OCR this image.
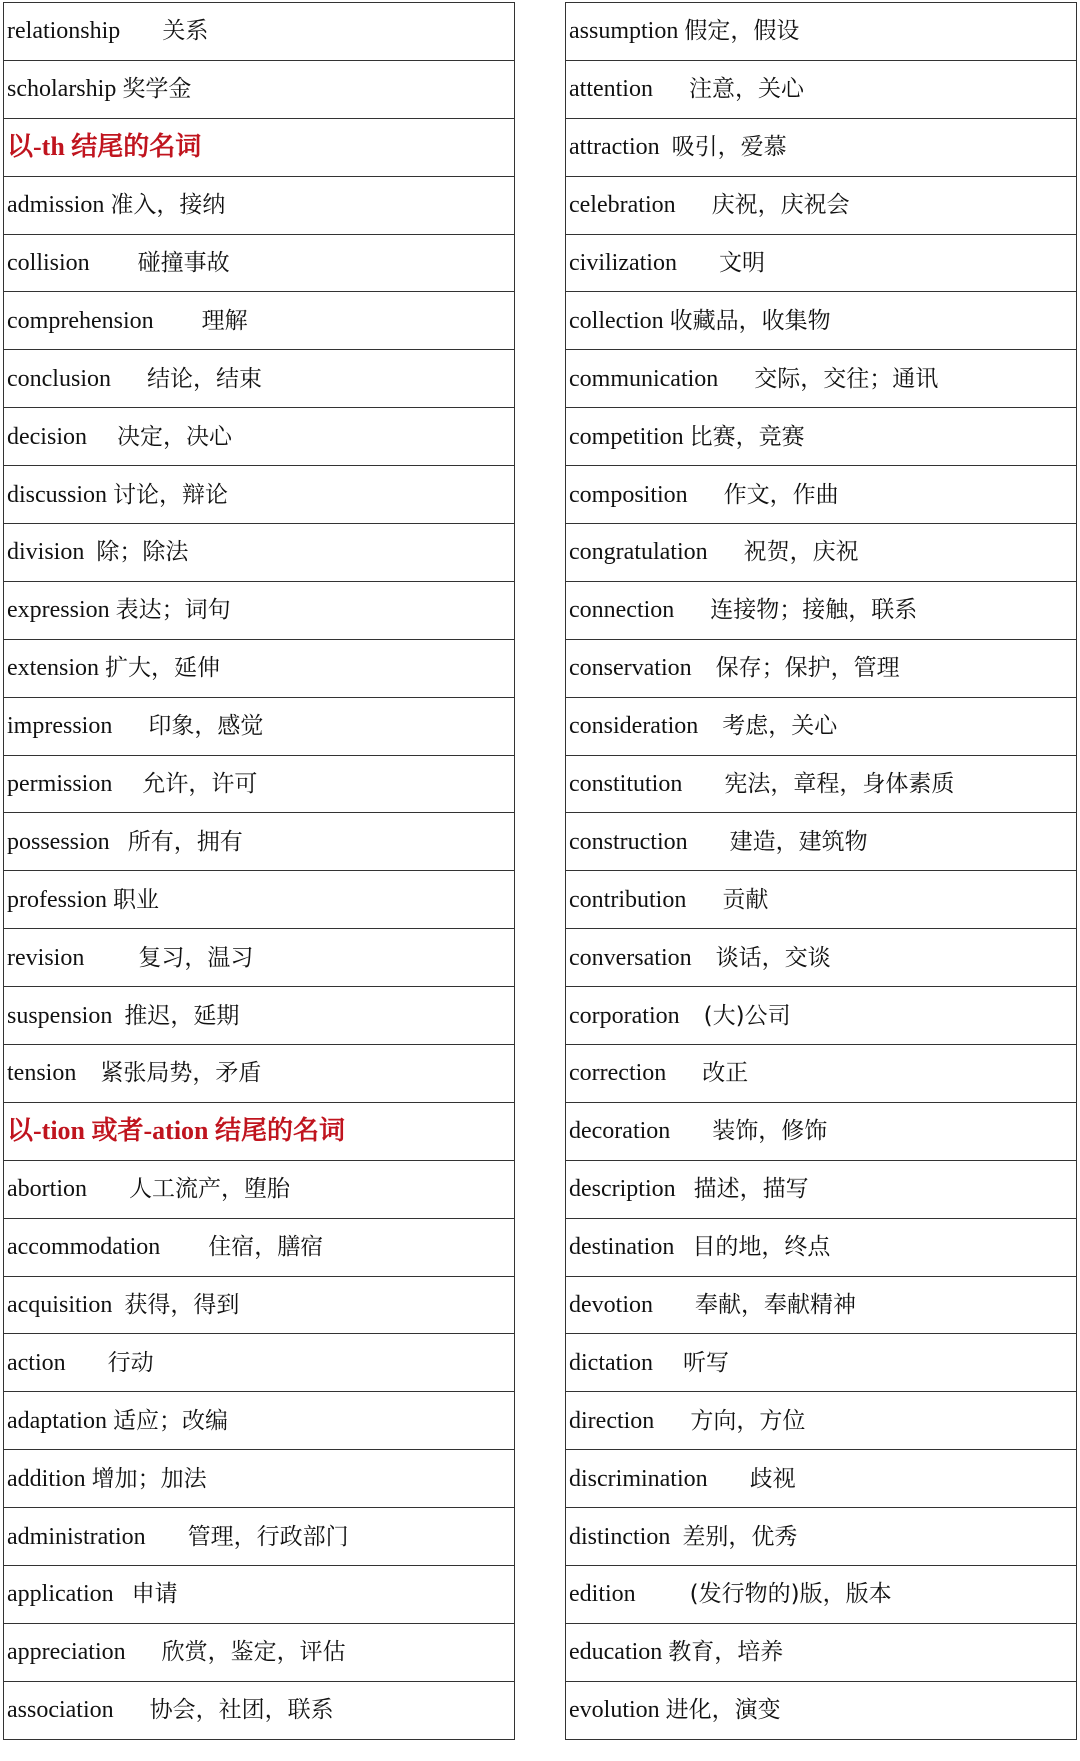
relationship 关系
scholarship 奖学金
以-th 结尾的名词
admission 准入，接纳
collision 碰撞事故
comprehension 理解
conclusion 结论，结束
decision 决定，决心
discussion 讨论，辩论
division 除；除法
expression 表达；词句
extension 扩大，延伸
impression 印象，感觉
permission 允许，许可
possession 所有，拥有
profession 职业
revision 复习，温习
suspension 推迟，延期
tension 紧张局势，矛盾
以-tion 或者-ation 结尾的名词
abortion 人工流产，堕胎
accommodation 住宿，膳宿
acquisition 获得，得到
action 行动
adaptation 适应；改编
addition 增加；加法
administration 管理，行政部门
application 申请
appreciation 欣赏，鉴定，评估
association 协会，社团，联系
assumption 假定，假设
attention 注意，关心
attraction 吸引，爱慕
celebration 庆祝，庆祝会
civilization 文明
collection 收藏品，收集物
communication 交际，交往；通讯
competition 比赛，竞赛
composition 作文，作曲
congratulation 祝贺，庆祝
connection 连接物；接触，联系
conservation 保存；保护，管理
consideration 考虑，关心
constitution 宪法，章程，身体素质
construction 建造，建筑物
contribution 贡献
conversation 谈话，交谈
corporation (大)公司
correction 改正
decoration 装饰，修饰
description 描述，描写
destination 目的地，终点
devotion 奉献，奉献精神
dictation 听写
direction 方向，方位
discrimination 歧视
distinction 差别，优秀
edition (发行物的)版，版本
education 教育，培养
evolution 进化，演变
